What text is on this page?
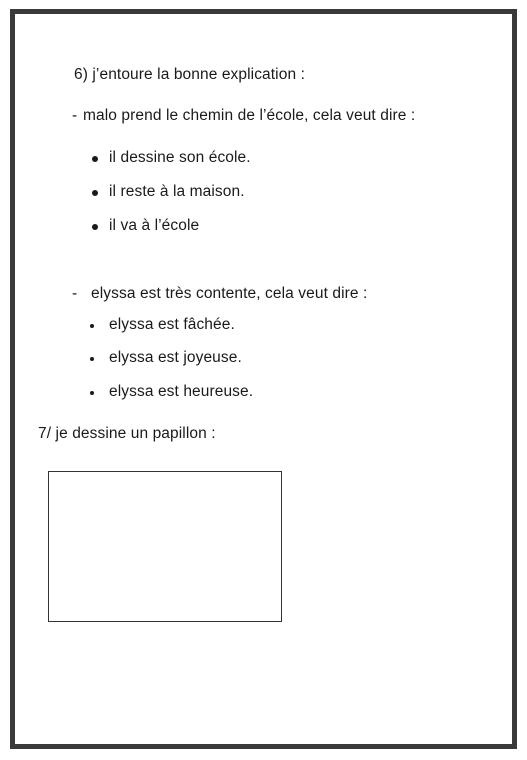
6) j’entoure la bonne explication :
- malo prend le chemin de l’école, cela veut dire :
il dessine son école.
il reste à la maison.
il va à l’école
- elyssa est très contente, cela veut dire :
elyssa est fâchée.
elyssa est joyeuse.
elyssa est heureuse.
7/ je dessine un papillon :
